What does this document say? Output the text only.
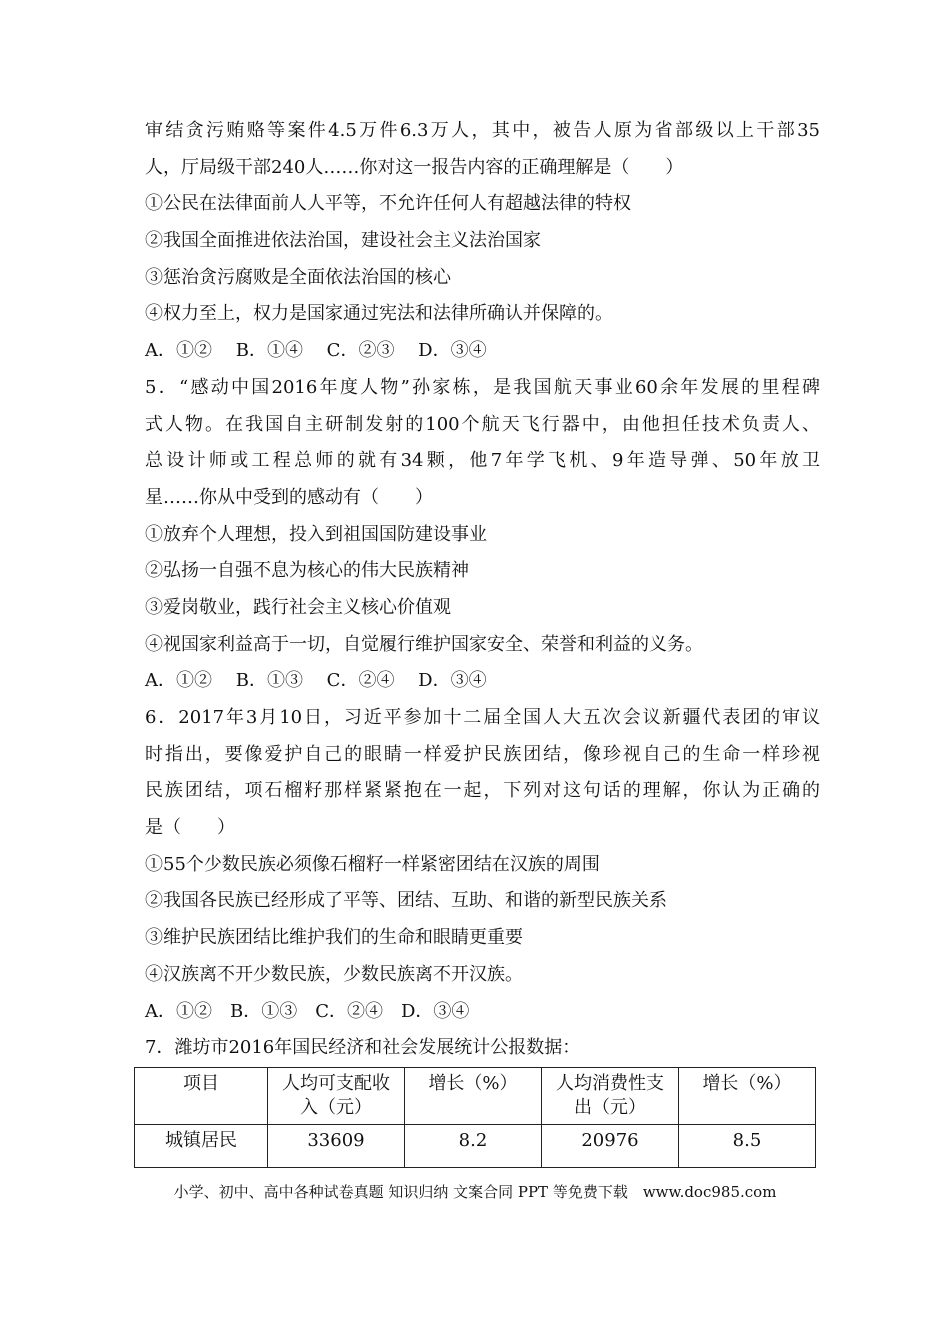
审结贪污贿赂等案件4.5万件6.3万人，其中，被告人原为省部级以上干部35
人，厅局级干部240人……你对这一报告内容的正确理解是（　　）
①公民在法律面前人人平等，不允许任何人有超越法律的特权
②我国全面推进依法治国，建设社会主义法治国家
③惩治贪污腐败是全面依法治国的核心
④权力至上，权力是国家通过宪法和法律所确认并保障的。
A．①②　 B．①④　 C．②③　 D．③④
5．“感动中国2016年度人物”孙家栋，是我国航天事业60余年发展的里程碑
式人物。在我国自主研制发射的100个航天飞行器中，由他担任技术负责人、
总设计师或工程总师的就有34颗，他7年学飞机、9年造导弹、50年放卫
星……你从中受到的感动有（　　）
①放弃个人理想，投入到祖国国防建设事业
②弘扬一自强不息为核心的伟大民族精神
③爱岗敬业，践行社会主义核心价值观
④视国家利益高于一切，自觉履行维护国家安全、荣誉和利益的义务。
A．①②　 B．①③　 C．②④　 D．③④
6．2017年3月10日，习近平参加十二届全国人大五次会议新疆代表团的审议
时指出，要像爱护自己的眼睛一样爱护民族团结，像珍视自己的生命一样珍视
民族团结，项石榴籽那样紧紧抱在一起，下列对这句话的理解，你认为正确的
是（　　）
①55个少数民族必须像石榴籽一样紧密团结在汉族的周围
②我国各民族已经形成了平等、团结、互助、和谐的新型民族关系
③维护民族团结比维护我们的生命和眼睛更重要
④汉族离不开少数民族，少数民族离不开汉族。
A．①②　B．①③　C．②④　D．③④
7．潍坊市2016年国民经济和社会发展统计公报数据：
项目	人均可支配收入（元）	增长（%）	人均消费性支出（元）	增长（%）
城镇居民	33609	8.2	20976	8.5
小学、初中、高中各种试卷真题 知识归纳 文案合同 PPT 等免费下载　www.doc985.com
